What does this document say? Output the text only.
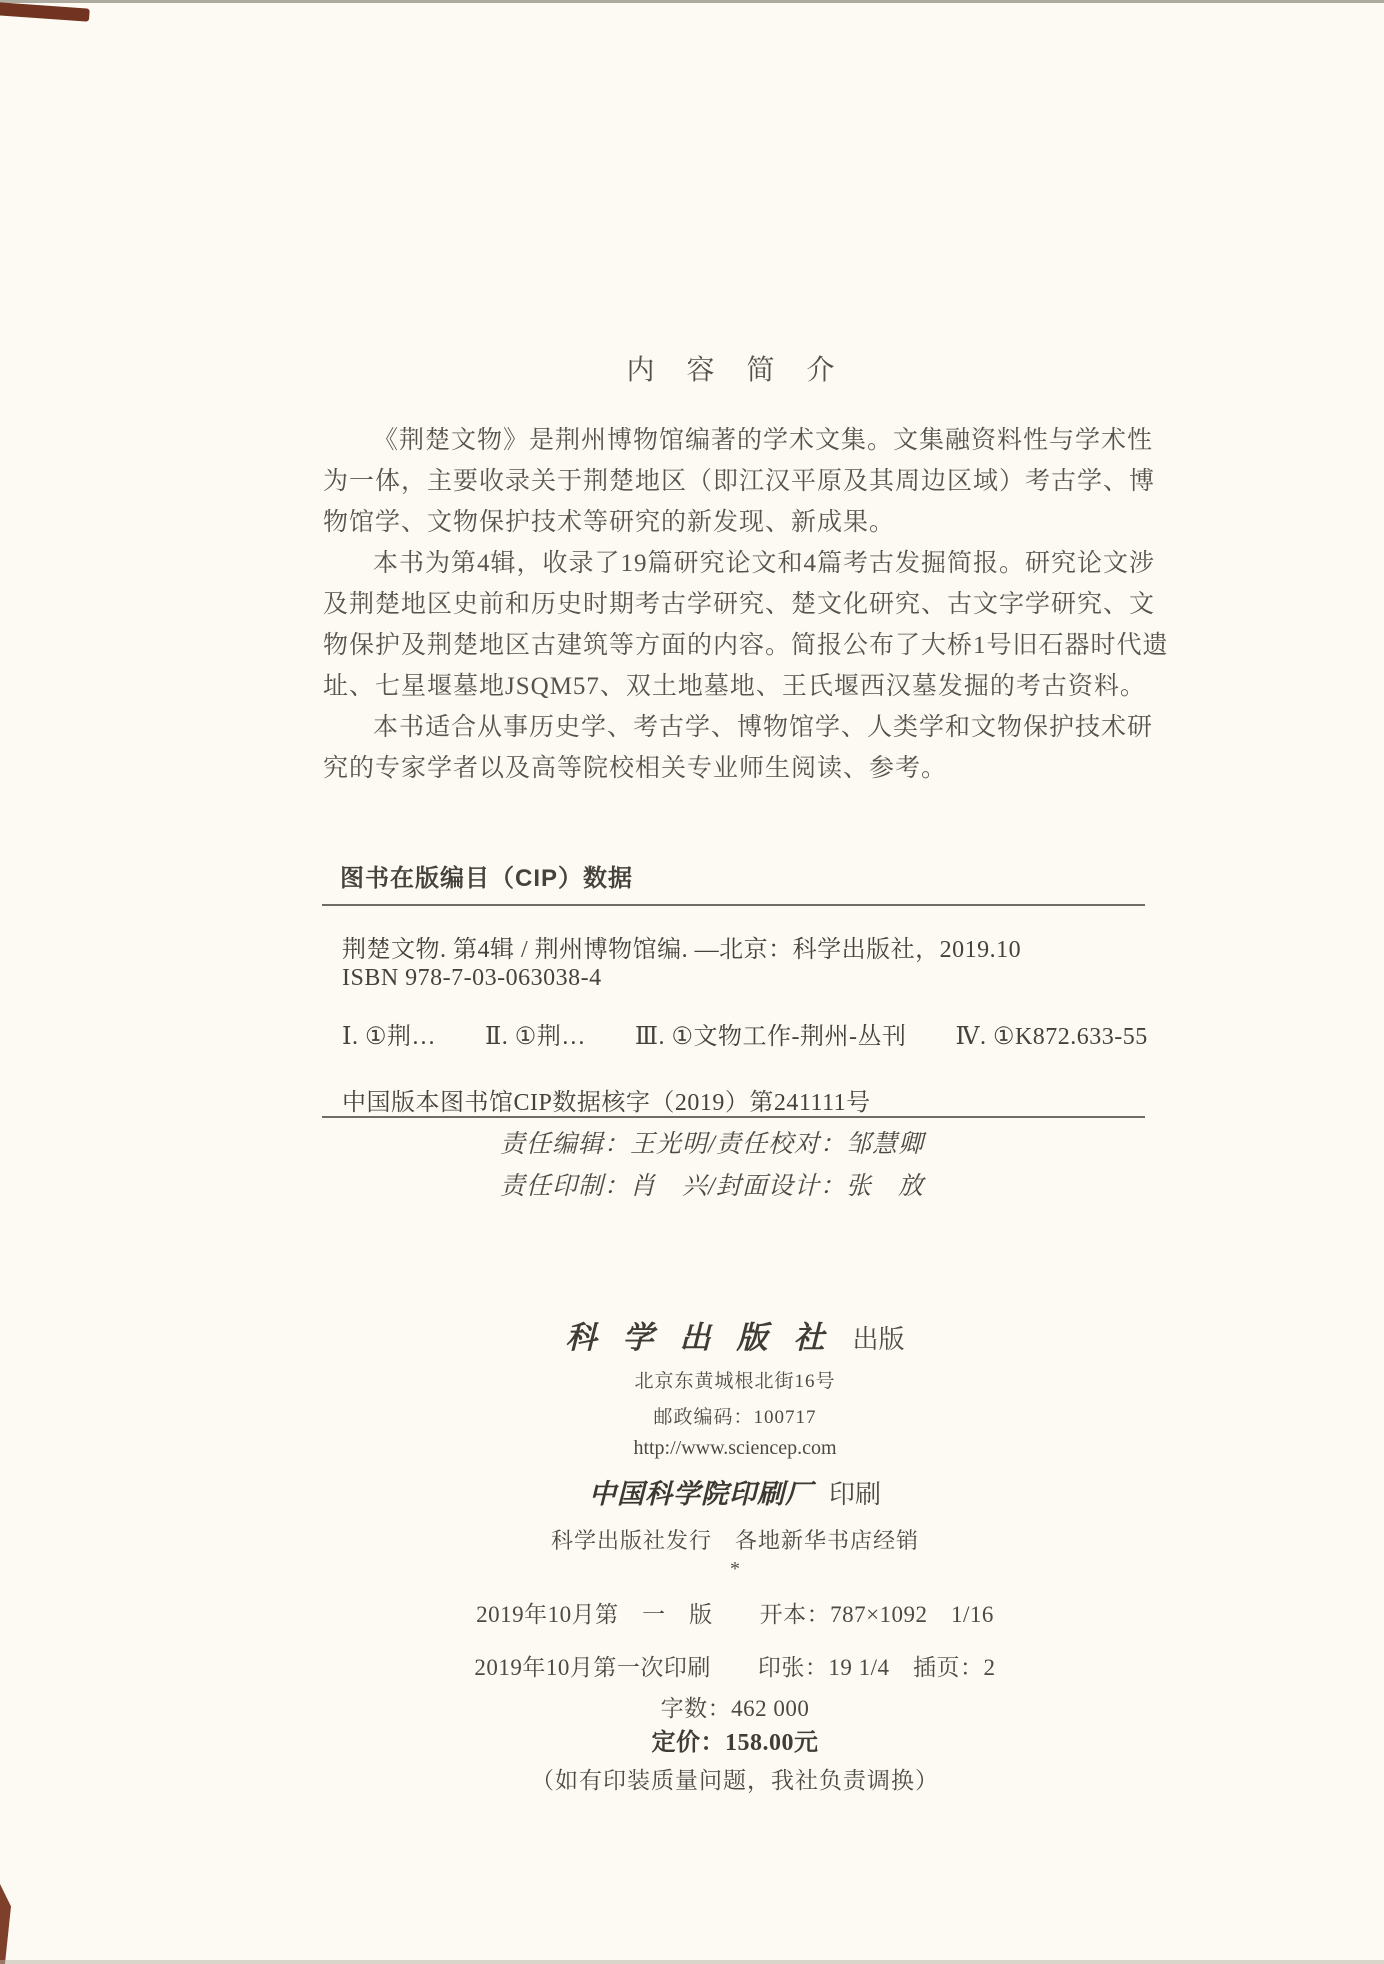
内　容　简　介
《荆楚文物》是荆州博物馆编著的学术文集。文集融资料性与学术性
为一体，主要收录关于荆楚地区（即江汉平原及其周边区域）考古学、博
物馆学、文物保护技术等研究的新发现、新成果。
本书为第4辑，收录了19篇研究论文和4篇考古发掘简报。研究论文涉
及荆楚地区史前和历史时期考古学研究、楚文化研究、古文字学研究、文
物保护及荆楚地区古建筑等方面的内容。简报公布了大桥1号旧石器时代遗
址、七星堰墓地JSQM57、双土地墓地、王氏堰西汉墓发掘的考古资料。
本书适合从事历史学、考古学、博物馆学、人类学和文物保护技术研
究的专家学者以及高等院校相关专业师生阅读、参考。
图书在版编目（CIP）数据
荆楚文物. 第4辑 / 荆州博物馆编. —北京：科学出版社，2019.10
ISBN 978-7-03-063038-4
Ⅰ. ①荆…　　Ⅱ. ①荆…　　Ⅲ. ①文物工作-荆州-丛刊　　Ⅳ. ①K872.633-55
中国版本图书馆CIP数据核字（2019）第241111号
责任编辑：王光明/责任校对：邹慧卿
责任印制：肖　兴/封面设计：张　放
科学出版社出版
北京东黄城根北街16号
邮政编码：100717
http://www.sciencep.com
中国科学院印刷厂 印刷
科学出版社发行　各地新华书店经销
*
2019年10月第　一　版　　开本：787×1092　1/16
2019年10月第一次印刷　　印张：19 1/4　插页：2
字数：462 000
定价：158.00元
（如有印装质量问题，我社负责调换）
